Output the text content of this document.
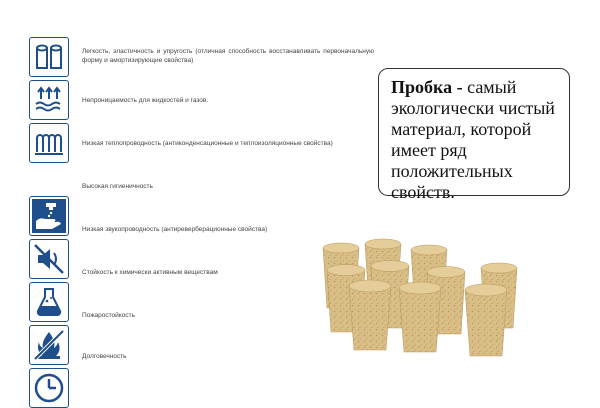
Легкость, эластичность и упругость (отличная способность восстанавливать первоначальную форму и амортизирующие свойства)
Непроницаемость для жидкостей и газов.
Низкая теплопроводность (антиконденсационные и теплоизоляционные свойства)
Высокая гигиеничность
Низкая звукопроводность (антиреверберационные свойства)
Стойкость к химически активным веществам
Пожаростойкость
Долговечность
Пробка - самый экологически чистый материал, которой имеет ряд положительных свойств.
